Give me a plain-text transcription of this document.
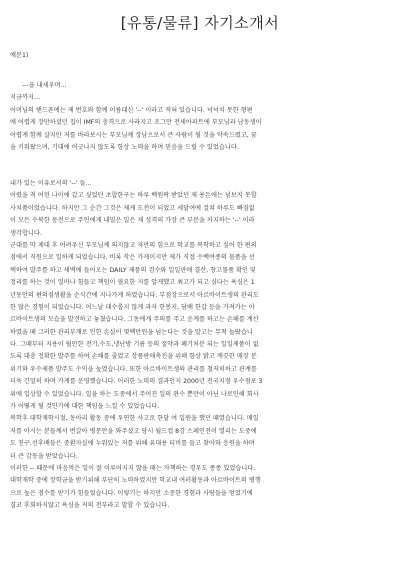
[유통/물류] 자기소개서
예문1)
---을 내세우며…
지금까지…
어머님의 핸드폰에는 제 번호와 함께 이름대신 '--' 이라고 적혀 있습니다. 넉넉치 못한 형편
에 어렵게 장만하셨던 집이 IMF의 충격으로 사라지고 조그만 전세아파트에 부모님과 남동생이
어렵게 함께 살지만 저를 바라보시는 부모님께 장남으로서 큰 사람이 될 것을 약속드렸고, 꿈
을 키워왔으며, 기대에 어긋나지 않도록 항상 노력을 하며 믿음을 드릴 수 있었습니다.
내가 있는 이유로서의 '--' 들…
어렸을 적 어린 나이에 갑고 싶었던 초합한구는 하루 백원락 받았던 제 용돈에는 넘보지 못할
사치품이었습니다. 하지만 그 순간 그것은 제게 도전이 되었고 세달여에 걸쳐 하루도 빠짐없
이 모든 수북한 동전으로 주인에게 내밀은 일은 제 성격의 가장 큰 부분을 차지하는 '--' 이라
생각합니다.
군대를 막 제대 후 어려우신 부모님께 의지않고 자만의 힘으로 학교를 복학하고 싶어 한 편의
점에서 직원으로 일하게 되었습니다. 비록 작은 가게이지만 제가 직접 수백여종의 물품을 선
택하여 발주를 하고 새벽에 들어오는 DAILY 제품의 검수와 일일판매 결산, 창고물품 확인 및
정리를 하는 것이 얼마나 힘들고 책임이 필요한 지를 알게했고 최고가 되고 싶다는 욕심은 1
년동안의 편의점생활을 순식간에 지나가게 하였습니다. 부점장으로서 아르바이트생의 관리도
한 많은 경험이 되었습니다. 어느날 대수롭지 않게 과자 한봉지, 담배 한갑 등을 가져가는 아
르바이트생의 모습을 발견하고 놓쳤습니다. 그동에게 주의를 주고 운계를 하고는 손해를 계산
하였을 때 그러한 관리부재로 인한 손실이 몇백만원을 넘는다는 것을 알고는 무척 놀랐습니
다. 그때부터 지용이 될만한 전기,수도,냉난방 기름 등의 절약과 폐기처분 되는 일일제품이 없
도록 대충 정확한 발주를 하여 손해를 줄였고 상품판매촉진을 위해 항상 밝고 깨끗한 매장 분
위기와 우수제품 발주도 수익을 높였습니다. 또한 아르바이트생의 관리를 철저히하고 관계를
더욱 긴밀히 하며 가게를 운영했습니다. 이러한 노력의 결과인지 2000년 전국지점 우수점포 3
위에 입상할 수 있었습니다. 일을 하는 도중에서 주어진 일의 완수 뿐만이 아닌 나로인해 회사
가 어떻게 될 것인가에 대한 책임을 느낄 수 있었습니다.
복학후 대학재학시절, 동아리 활동 중에 우연한 사고로 한달 여 입원을 했던 때였습니다. 매일
저를 아시는 분들께서 번갈아 병문안을 와주셨고 당시 월드컵 8강 스페인전이 열리는 도중에
도 친구,선후배들은 중환자실에 누워있는 저를 위해 유대용 티비를 들고 찾아와 응원을 하며
더 큰 감동을 받았습니다.
이러한 -- 때문에 마음먹은 일이 잘 이루어지지 않을 때는 자책하는 경우도 종종 있었습니다.
대학재학 중에 장학금을 받기위해 부단히 노력하였지만 학교내 여러활동과 아르바이트의 병행
으로 높은 점수를 받기가 힘들었습니다. 이렇기는 하지만 소중한 경험과 사람들을 얻었기에
결코 후회하지않고 욕심을 저의 전부라고 말할 수 있습니다.
